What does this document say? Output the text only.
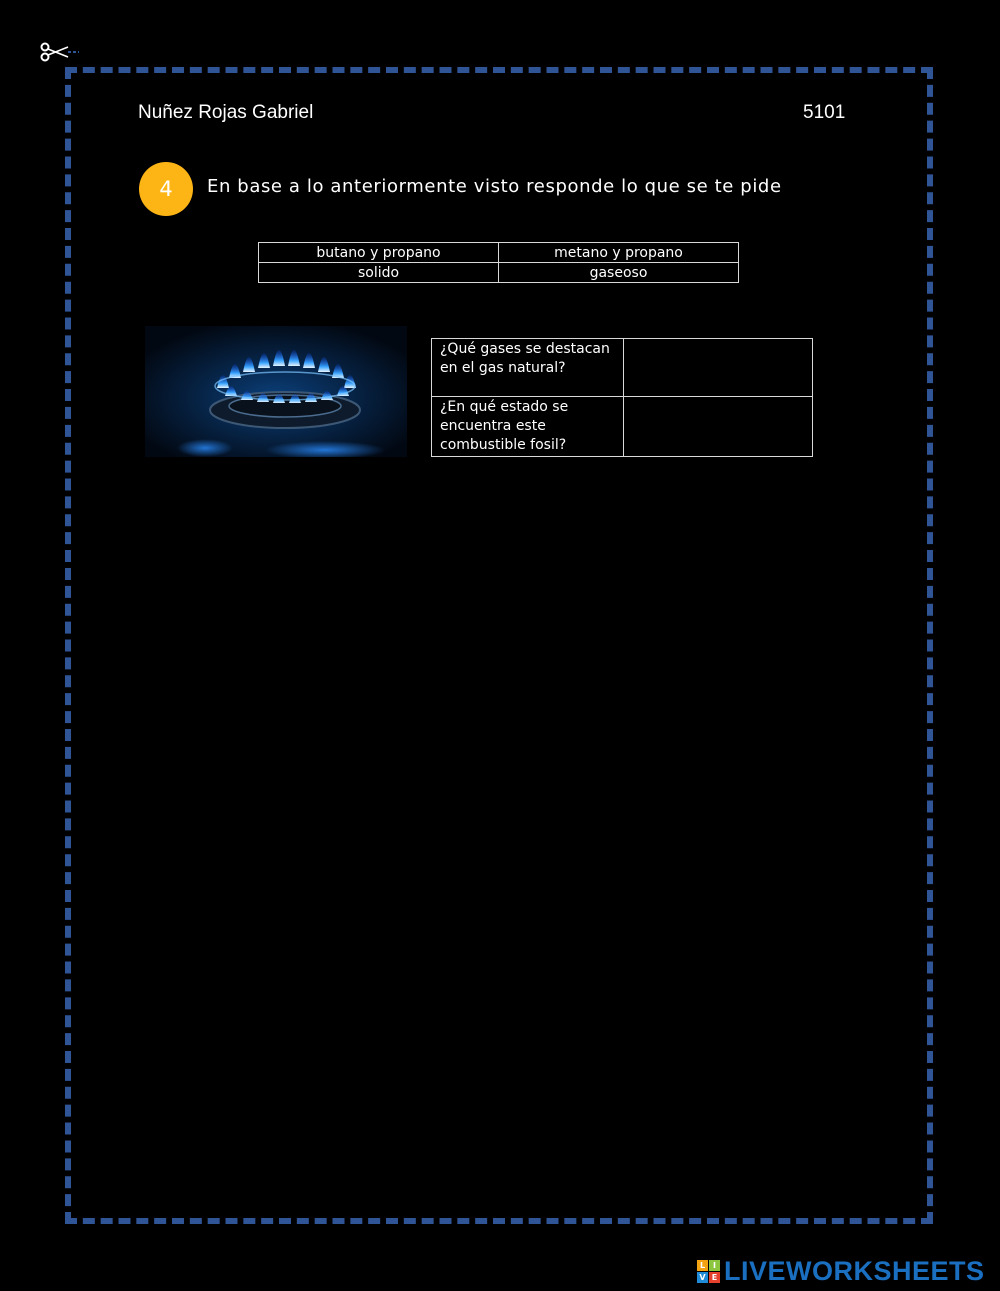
Nuñez Rojas Gabriel	5101
4	En base a lo anteriormente visto responde lo que se te pide
butano y propano	metano y propano
solido	gaseoso
¿Qué gases se destacan en el gas natural?	
¿En qué estado se encuentra este combustible fosil?	
L I
V E LIVEWORKSHEETS
